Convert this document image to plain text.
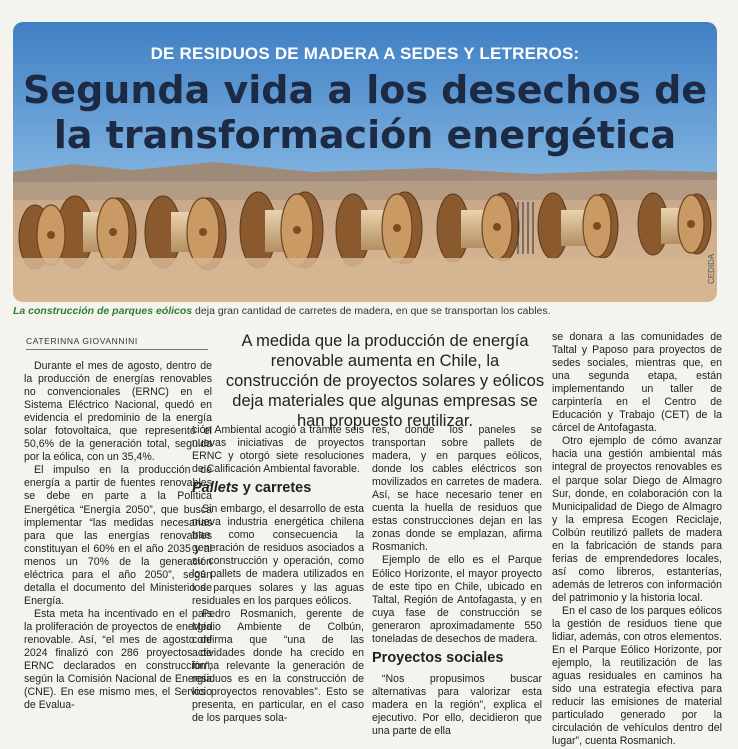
DE RESIDUOS DE MADERA A SEDES Y LETREROS:
Segunda vida a los desechos de
la transformación energética
CEDIDA
La construcción de parques eólicos deja gran cantidad de carretes de madera, en que se transportan los cables.
CATERINNA GIOVANNINI	A medida que la producción de energía renovable aumenta en Chile, la construcción de proyectos solares y eólicos deja materiales que algunas empresas se han propuesto reutilizar.

Durante el mes de agosto, dentro de la producción de energías renovables no convencionales (ERNC) en el Sistema Eléctrico Nacional, quedó en evidencia el predominio de la energía solar fotovoltaica, que representó el 50,6% de la generación total, seguida por la eólica, con un 35,4%.

El impulso en la producción de energía a partir de fuentes renovables se debe en parte a la Política Energética “Energía 2050”, que busca implementar “las medidas necesarias para que las energías renovables constituyan el 60% en el año 2035 y al menos un 70% de la generación eléctrica para el año 2050”, según detalla el documento del Ministerio de Energía.

Esta meta ha incentivado en el país la proliferación de proyectos de energía renovable. Así, “el mes de agosto de 2024 finalizó con 286 proyectos de ERNC declarados en construcción”, según la Comisión Nacional de Energía (CNE). En ese mismo mes, el Servicio de Evalua-

ción Ambiental acogió a trámite seis nuevas iniciativas de proyectos ERNC y otorgó siete resoluciones de Calificación Ambiental favorable.

Pallets y carretes

Sin embargo, el desarrollo de esta nueva industria energética chilena trae como consecuencia la generación de residuos asociados a su construcción y operación, como los pallets de madera utilizados en los parques solares y las aguas residuales en los parques eólicos.

Pedro Rosmanich, gerente de Medio Ambiente de Colbún, confirma que “una de las actividades donde ha crecido en forma relevante la generación de residuos es en la construcción de los proyectos renovables”. Esto se presenta, en particular, en el caso de los parques sola-

res, donde los paneles se transportan sobre pallets de madera, y en parques eólicos, donde los cables eléctricos son movilizados en carretes de madera. Así, se hace necesario tener en cuenta la huella de residuos que estas construcciones dejan en las zonas donde se emplazan, afirma Rosmanich.

Ejemplo de ello es el Parque Eólico Horizonte, el mayor proyecto de este tipo en Chile, ubicado en Taltal, Región de Antofagasta, y en cuya fase de construcción se generaron aproximadamente 550 toneladas de desechos de madera.

Proyectos sociales

“Nos propusimos buscar alternativas para valorizar esta madera en la región”, explica el ejecutivo. Por ello, decidieron que una parte de ella

se donara a las comunidades de Taltal y Paposo para proyectos de sedes sociales, mientras que, en una segunda etapa, están implementando un taller de carpintería en el Centro de Educación y Trabajo (CET) de la cárcel de Antofagasta.

Otro ejemplo de cómo avanzar hacia una gestión ambiental más integral de proyectos renovables es el parque solar Diego de Almagro Sur, donde, en colaboración con la Municipalidad de Diego de Almagro y la empresa Ecogen Reciclaje, Colbún reutilizó pallets de madera en la fabricación de stands para ferias de emprendedores locales, así como libreros, estanterías, además de letreros con información del patrimonio y la historia local.

En el caso de los parques eólicos la gestión de residuos tiene que lidiar, además, con otros elementos. En el Parque Eólico Horizonte, por ejemplo, la reutilización de las aguas residuales en caminos ha sido una estrategia efectiva para reducir las emisiones de material particulado generado por la circulación de vehículos dentro del lugar”, cuenta Rosmanich.
